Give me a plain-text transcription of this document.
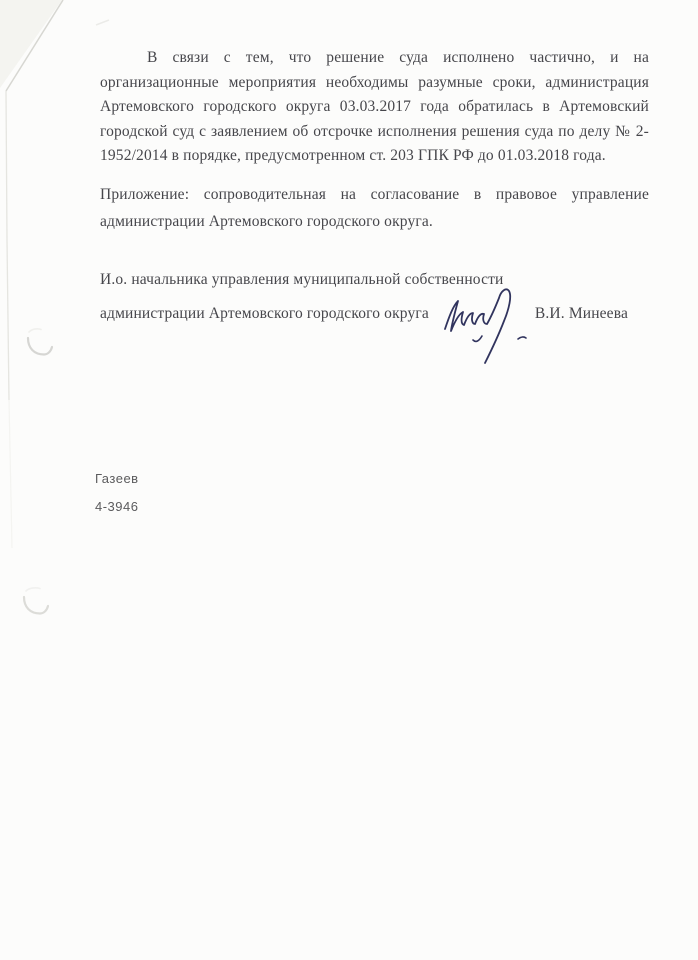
В связи с тем, что решение суда исполнено частично, и на организационные мероприятия необходимы разумные сроки, администрация Артемовского городского округа 03.03.2017 года обратилась в Артемовский городской суд с заявлением об отсрочке исполнения решения суда по делу № 2-1952/2014 в порядке, предусмотренном ст. 203 ГПК РФ до 01.03.2018 года.

Приложение: сопроводительная на согласование в правовое управление администрации Артемовского городского округа.

И.о. начальника управления муниципальной собственности
администрации Артемовского городского округа	В.И. Минеева
Газеев
4-3946
